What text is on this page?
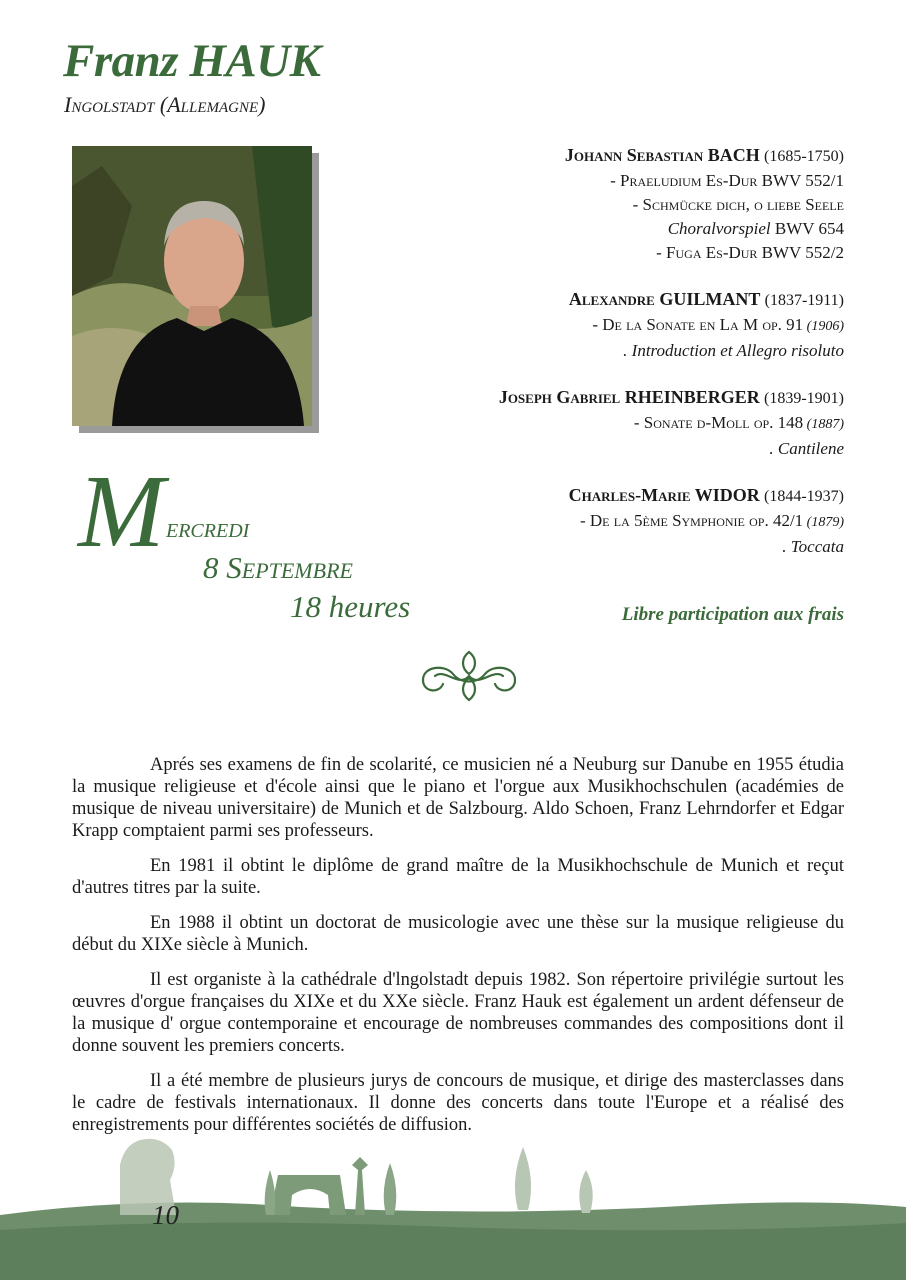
Franz HAUK
Ingolstadt (Allemagne)
Johann Sebastian BACH (1685-1750)
- Praeludium Es-Dur BWV 552/1
- Schmücke dich, o liebe Seele
Choralvorspiel BWV 654
- Fuga Es-Dur BWV 552/2
Alexandre GUILMANT (1837-1911)
- De la Sonate en La M op. 91 (1906)
. Introduction et Allegro risoluto
Joseph Gabriel RHEINBERGER (1839-1901)
- Sonate d-Moll op. 148 (1887)
. Cantilene
Charles-Marie WIDOR (1844-1937)
- De la 5ème Symphonie op. 42/1 (1879)
. Toccata
M ercredi
8 Septembre
18 heures	Libre participation aux frais

Aprés ses examens de fin de scolarité, ce musicien né a Neuburg sur Danube en 1955 étudia la musique religieuse et d'école ainsi que le piano et l'orgue aux Musikhochschulen (académies de musique de niveau universitaire) de Munich et de Salzbourg. Aldo Schoen, Franz Lehrndorfer et Edgar Krapp comptaient parmi ses professeurs.

En 1981 il obtint le diplôme de grand maître de la Musikhochschule de Munich et reçut d'autres titres par la suite.

En 1988 il obtint un doctorat de musicologie avec une thèse sur la musique religieuse du début du XIXe siècle à Munich.

Il est organiste à la cathédrale d'lngolstadt depuis 1982. Son répertoire privilégie surtout les œuvres d'orgue françaises du XIXe et du XXe siècle. Franz Hauk est également un ardent défenseur de la musique d' orgue contemporaine et encourage de nombreuses commandes des compositions dont il donne souvent les premiers concerts.

Il a été membre de plusieurs jurys de concours de musique, et dirige des masterclasses dans le cadre de festivals internationaux. Il donne des concerts dans toute l'Europe et a réalisé des enregistrements pour différentes sociétés de diffusion.

10
